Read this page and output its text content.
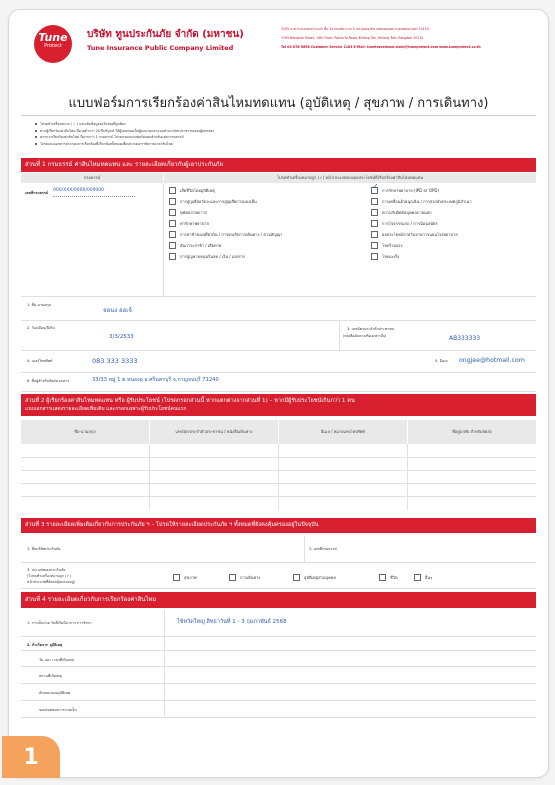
Tune
Protect
บริษัท ทูนประกันภัย จำกัด (มหาชน)
Tune Insurance Public Company Limited
3195 อาคารบางกอกทาวเวอร์ ชั้น 14 ถนนพระราม 4 แขวงคลองตัน เขตคลองเตย กรุงเทพมหานคร 10110
3195 Bangkok Tower, 14th Floor, Rama IV Road, Khlong Tan, Khlong Toei, Bangkok 10110
Tel 02-078-5656 Customer Service 1183 E-Mail: tunetravelease.claim@tuneprotect.com www.tuneprotect.co.th
แบบฟอร์มการเรียกร้องค่าสินไหมทดแทน (อุบัติเหตุ / สุขภาพ / การเดินทาง)
โปรดทำเครื่องหมาย ( ✓ ) และเติมข้อมูลลงในช่องที่ถูกต้อง
หากผู้เรียกร้องค่าสินไหม มีอายุต่ำกว่า 20 ปีบริบูรณ์ ให้ผู้ปกครองเป็นผู้ลงนามและแนบสำเนาบัตรประชาชนของผู้ปกครอง
หากการเรียกร้องค่าสินไหม มีมากกว่า 1 กรมธรรม์ โปรดกรอกแบบฟอร์มแยกสำหรับแต่ละกรมธรรม์
โปรดแนบเอกสารประกอบการเรียกร้องที่เกี่ยวข้องทั้งหมดเพื่อประกอบการพิจารณาค่าสินไหม
ส่วนที่ 1 กรมธรรม์ ค่าสินไหมทดแทน และ รายละเอียดเกี่ยวกับผู้เอาประกันภัย
กรมธรรม์	โปรดทำเครื่องหมายถูก (✓) หน้าประเภทของผลประโยชน์ที่เรียกร้องค่าสินไหมทดแทน
เลขที่กรมธรรม์ 000/XXX/0000/000000	เสียชีวิตโดยอุบัติเหตุ
การสูญเสียอวัยวะและการสูญเสียการมองเห็น
ทุพพลภาพถาวร
ค่ารักษาพยาบาล
การล่าช้าของเที่ยวบิน / การยกเลิกการเดินทาง / ตามสัญญา
สัมภาระล่าช้า / เสียหาย
การสูญหายของเงินสด / เงิน / เอกสาร
✓
การรักษาพยาบาล (IPD or OPD)
การเคลื่อนย้ายฉุกเฉิน / การส่งกลับประเทศภูมิลำเนา
ความรับผิดต่อบุคคลภายนอก
การโจรกรรมรถ / การฉ้อฉลบัตร
ผลประโยชน์รายวันจากการนอนโรงพยาบาล
โรคร้ายแรง
โรคมะเร็ง
1. ชื่อ-นามสกุล
จอนง ออเจ้
2. วัน/เดือน/ปีเกิด
3/3/2533
3. เลขบัตรประจำตัวประชาชน
(หนังสือเดินทางหรือเอกสารอื่น)	AB333333
4. เบอร์โทรศัพท์	083 333 3333	5. อีเมล ongjee@hotmail.com
6. ที่อยู่สำหรับจัดส่งเอกสาร	33/33 หมู่ 1 ต.หนองอุ อ.ศรีนครบุรี จ.กาญจนบุรี 71240
ส่วนที่ 2 ผู้เรียกร้องค่าสินไหมทดแทน หรือ ผู้รับประโยชน์ (โปรดกรอกส่วนนี้ หากแตกต่างจากส่วนที่ 1) – หากมีผู้รับประโยชน์เกินกว่า 1 คน
แนบเอกสารแสดงรายละเอียดเพิ่มเติม และกรอกเฉพาะผู้รับประโยชน์คนแรก
ชื่อ-นามสกุล	เลขบัตรประจำตัวประชาชน / หนังสือเดินทาง	อีเมล / หมายเลขโทรศัพท์	ที่อยู่อาศัย สำหรับจัดส่ง
ส่วนที่ 3 รายละเอียดเพิ่มเติมเกี่ยวกับการประกันภัย ฯ – โปรดให้รายละเอียดประกันภัย ฯ ทั้งหมดที่ยังคงคุ้มครองอยู่ในปัจจุบัน
1. ชื่อบริษัทประกันภัย	2. เลขที่กรมธรรม์
3. ประเภทของประกันภัย
(โปรดทำเครื่องหมายถูก (✓)
หน้าประเภทที่ยังคงคุ้มครองอยู่)
สุขภาพ	การเดินทาง	อุบัติเหตุส่วนบุคคล	ชีวิต	อื่นๆ
ส่วนที่ 4 รายละเอียดเกี่ยวกับการเรียกร้องค่าสินไหม
1. การเจ็บป่วย วันที่เริ่มมีอาการ การรักษา	ไข้หวัดใหญ่ สิทธาวันที่ 1 - 3 กุมภาพันธ์ 2568
2. ถ้าเกิดจาก อุบัติเหตุ
วัน และ เวลาที่เกิดเหตุ
สถานที่เกิดเหตุ
ลักษณะของอุบัติเหตุ
ขอบเขตของการบาดเจ็บ
1
